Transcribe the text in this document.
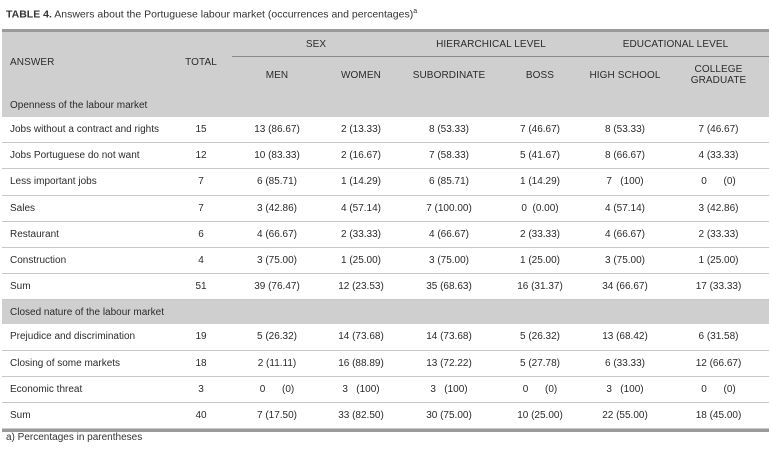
TABLE 4. Answers about the Portuguese labour market (occurrences and percentages)$^a$

ANSWER	TOTAL	SEX		HIERARCHICAL LEVEL		EDUCATIONAL LEVEL	
		MEN	WOMEN	SUBORDINATE	BOSS	HIGH SCHOOL	COLLEGE GRADUATE
Openness of the labour market							
Jobs without a contract and rights	15	13 (86.67)	2 (13.33)	8 (53.33)	7 (46.67)	8 (53.33)	7 (46.67)
Jobs Portuguese do not want	12	10 (83.33)	2 (16.67)	7 (58.33)	5 (41.67)	8 (66.67)	4 (33.33)
Less important jobs	7	6 (85.71)	1 (14.29)	6 (85.71)	1 (14.29)	7   (100)	0      (0)
Sales	7	3 (42.86)	4 (57.14)	7 (100.00)	0  (0.00)	4 (57.14)	3 (42.86)
Restaurant	6	4 (66.67)	2 (33.33)	4 (66.67)	2 (33.33)	4 (66.67)	2 (33.33)
Construction	4	3 (75.00)	1 (25.00)	3 (75.00)	1 (25.00)	3 (75.00)	1 (25.00)
Sum	51	39 (76.47)	12 (23.53)	35 (68.63)	16 (31.37)	34 (66.67)	17 (33.33)
Closed nature of the labour market							
Prejudice and discrimination	19	5 (26.32)	14 (73.68)	14 (73.68)	5 (26.32)	13 (68.42)	6 (31.58)
Closing of some markets	18	2 (11.11)	16 (88.89)	13 (72.22)	5 (27.78)	6 (33.33)	12 (66.67)
Economic threat	3	0      (0)	3   (100)	3   (100)	0      (0)	3   (100)	0      (0)
Sum	40	7 (17.50)	33 (82.50)	30 (75.00)	10 (25.00)	22 (55.00)	18 (45.00)

a) Percentages in parentheses
